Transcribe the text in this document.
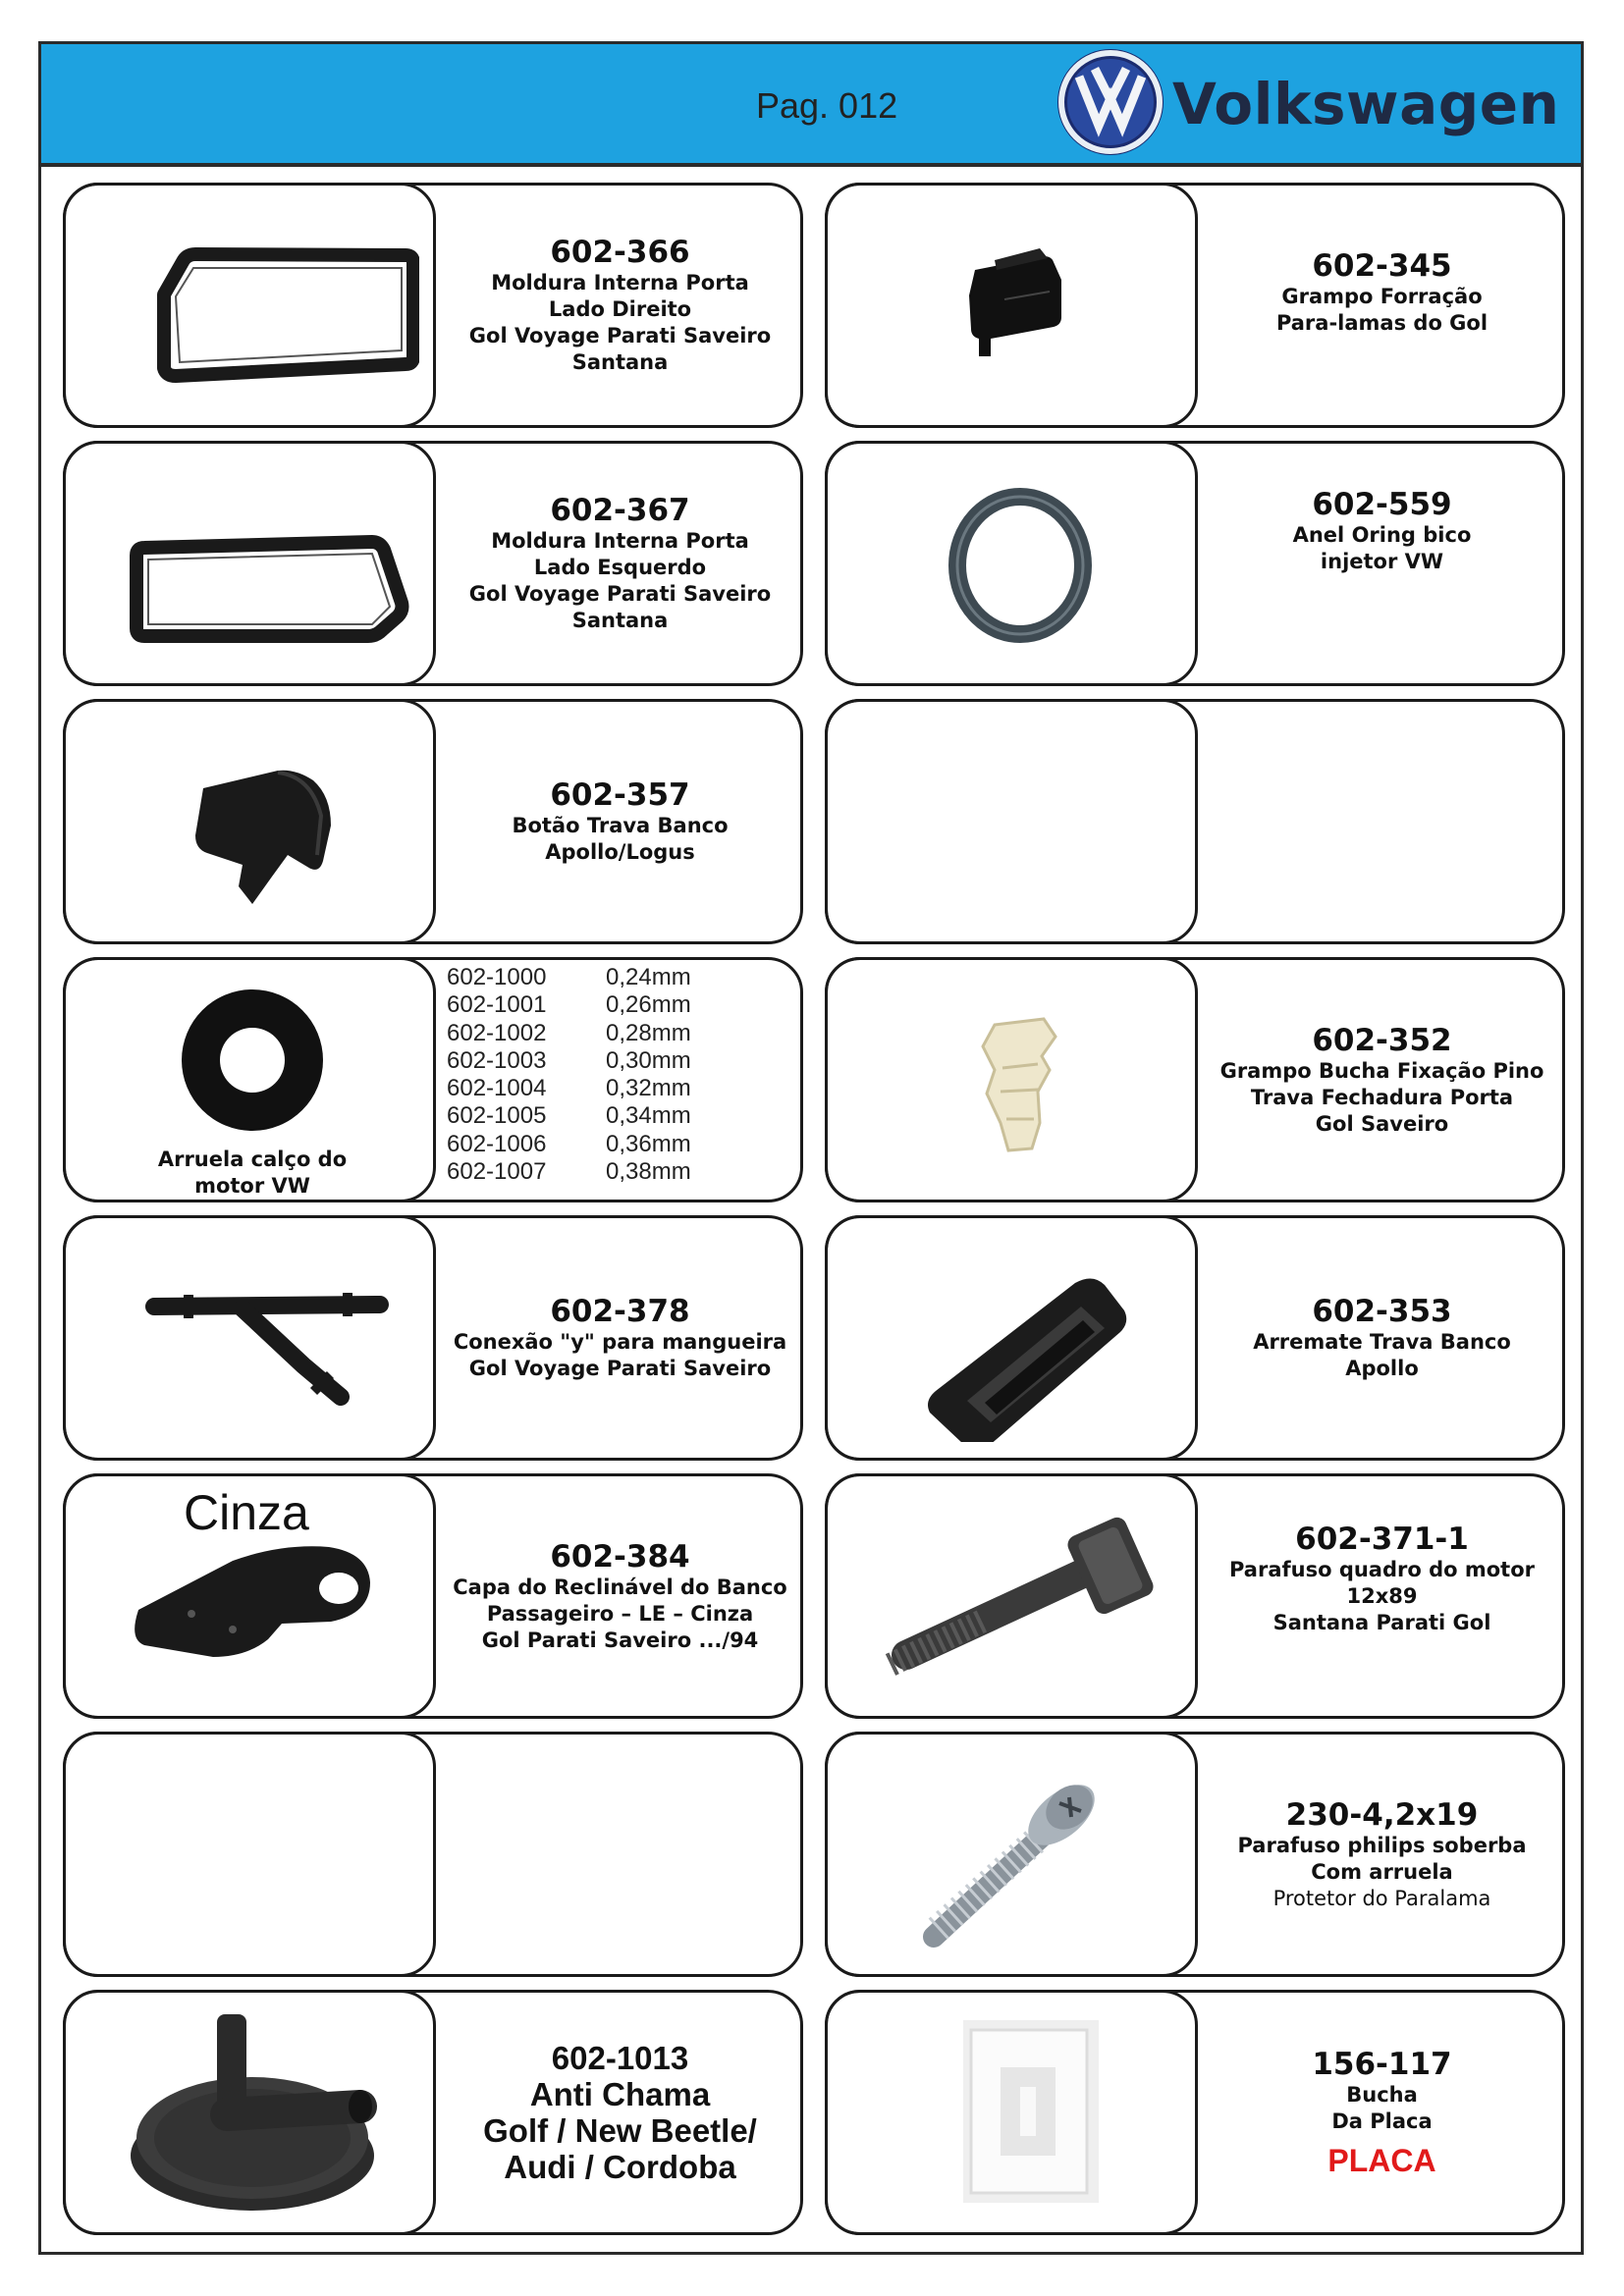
Pag. 012	Volkswagen
602-366
Moldura Interna Porta
Lado Direito
Gol Voyage Parati Saveiro
Santana
602-345
Grampo Forração
Para-lamas do Gol
602-367
Moldura Interna Porta
Lado Esquerdo
Gol Voyage Parati Saveiro
Santana
602-559
Anel Oring bico
injetor VW
602-357
Botão Trava Banco
Apollo/Logus
Arruela calço do
motor VW
602-1000	0,24mm
602-1001	0,26mm
602-1002	0,28mm
602-1003	0,30mm
602-1004	0,32mm
602-1005	0,34mm
602-1006	0,36mm
602-1007	0,38mm
602-352
Grampo Bucha Fixação Pino
Trava Fechadura Porta
Gol Saveiro
602-378
Conexão "y" para mangueira
Gol Voyage Parati Saveiro
602-353
Arremate Trava Banco
Apollo
Cinza
602-384
Capa do Reclinável do Banco
Passageiro – LE – Cinza
Gol Parati Saveiro .../94
602-371-1
Parafuso quadro do motor
12x89
Santana Parati Gol
230-4,2x19
Parafuso philips soberba
Com arruela
Protetor do Paralama
602-1013
Anti Chama
Golf / New Beetle/
Audi / Cordoba
156-117
Bucha
Da Placa
PLACA
